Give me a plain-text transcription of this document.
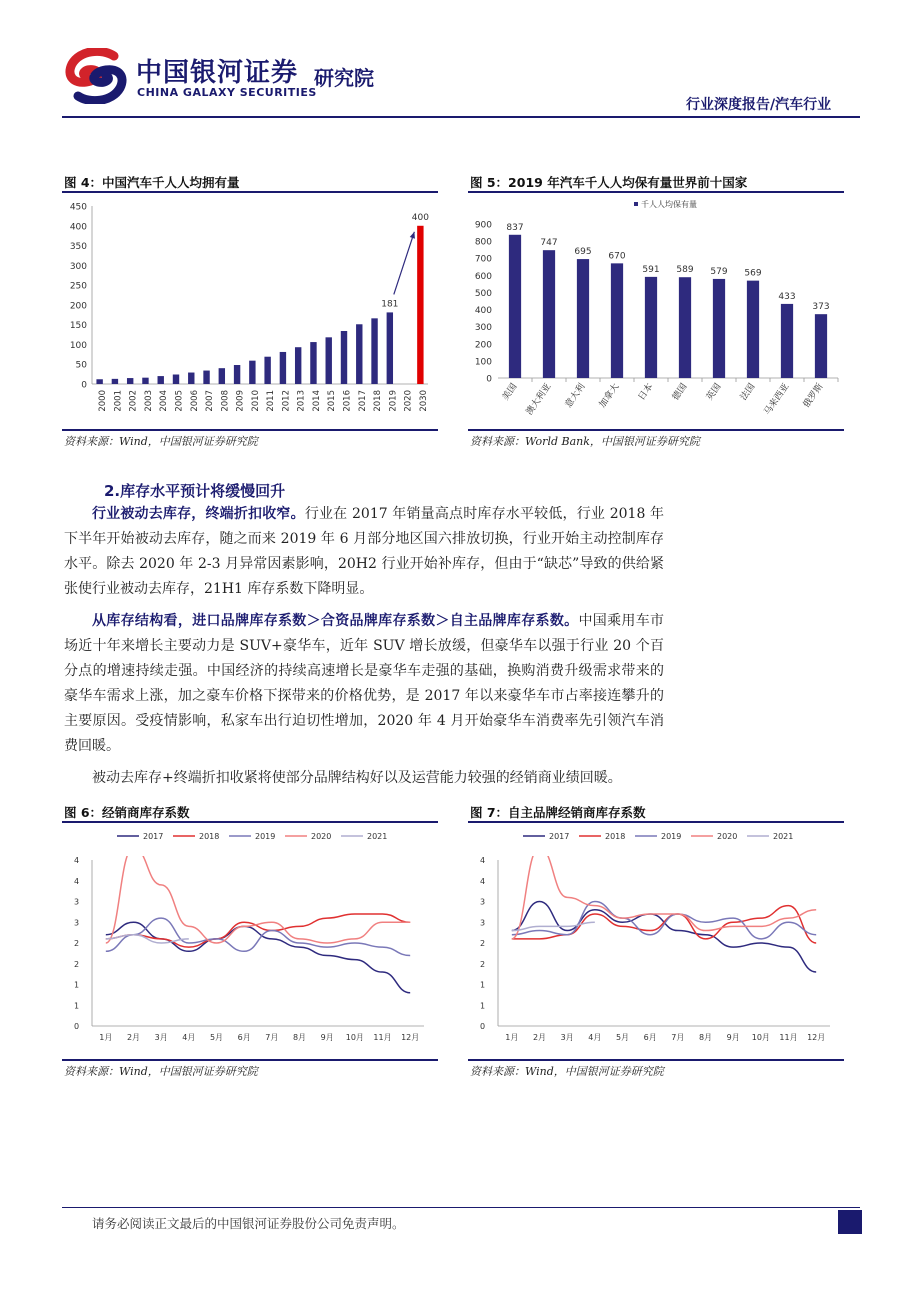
中国银河证券
CHINA GALAXY SECURITIES
研究院
行业深度报告/汽车行业
图 4：中国汽车千人人均拥有量
0
50
100
150
200
250
300
350
400
450
2000 2001 2002 2003 2004 2005 2006 2007 2008 2009 2010 2011 2012 2013 2014 2015 2016 2017 2018 2019 2020 2030
181
400
资料来源：Wind，中国银河证券研究院
图 5：2019 年汽车千人人均保有量世界前十国家
千人人均保有量
0
100
200
300
400
500
600
700
800
900 837
美国
747
澳大利亚
695
意大利
670
加拿大
591
日本
589
德国
579
英国
569
法国
433
马来西亚
373
俄罗斯
资料来源：World Bank，中国银河证券研究院
2.库存水平预计将缓慢回升
行业被动去库存，终端折扣收窄。行业在 2017 年销量高点时库存水平较低，行业 2018 年下半年开始被动去库存，随之而来 2019 年 6 月部分地区国六排放切换，行业开始主动控制库存水平。除去 2020 年 2-3 月异常因素影响，20H2 行业开始补库存，但由于“缺芯”导致的供给紧张使行业被动去库存，21H1 库存系数下降明显。
从库存结构看，进口品牌库存系数＞合资品牌库存系数＞自主品牌库存系数。中国乘用车市场近十年来增长主要动力是 SUV+豪华车，近年 SUV 增长放缓，但豪华车以强于行业 20 个百分点的增速持续走强。中国经济的持续高速增长是豪华车走强的基础，换购消费升级需求带来的豪华车需求上涨，加之豪车价格下探带来的价格优势，是 2017 年以来豪华车市占率接连攀升的主要原因。受疫情影响，私家车出行迫切性增加，2020 年 4 月开始豪华车消费率先引领汽车消费回暖。
被动去库存+终端折扣收紧将使部分品牌结构好以及运营能力较强的经销商业绩回暖。
图 6：经销商库存系数
2017	2018	2019	2020	2021
0
1
1
2
2
3
3
4
4
1月 2月 3月 4月 5月 6月 7月 8月 9月 10月 11月 12月
资料来源：Wind，中国银河证券研究院
图 7：自主品牌经销商库存系数
2017	2018	2019	2020	2021
0
1
1
2
2
3
3
4
4
1月 2月 3月 4月 5月 6月 7月 8月 9月 10月 11月 12月
资料来源：Wind，中国银河证券研究院
请务必阅读正文最后的中国银河证券股份公司免责声明。
